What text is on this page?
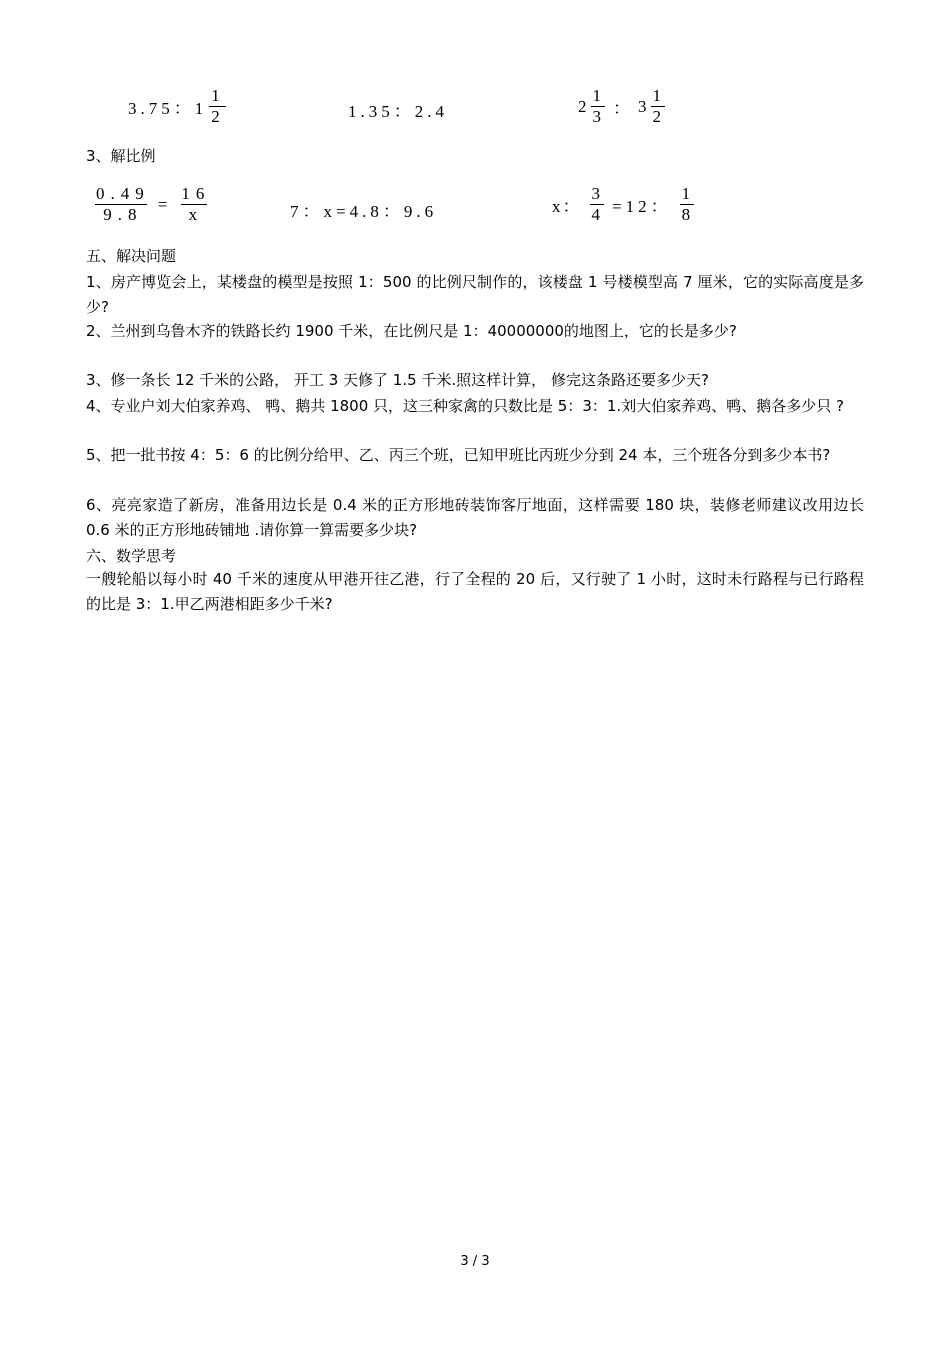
3.75：$1 \frac{1}{2}$	1.35：2.4	$2 \frac{1}{3}$ ： $3 \frac{1}{2}$
3、解比例
$\frac{0.49}{9.8} = \frac{16}{x}$	7：x=4.8：9.6	x： $\frac{3}{4} =12$： $\frac{1}{8}$
五、解决问题
1、房产博览会上，某楼盘的模型是按照 1：500 的比例尺制作的，该楼盘 1 号楼模型高 7 厘米，它的实际高度是多少?
2、兰州到乌鲁木齐的铁路长约 1900 千米，在比例尺是 1：40000000的地图上，它的长是多少?
3、修一条长 12 千米的公路， 开工 3 天修了 1.5 千米.照这样计算， 修完这条路还要多少天?
4、专业户刘大伯家养鸡、 鸭、鹅共 1800 只，这三种家禽的只数比是 5：3：1.刘大伯家养鸡、鸭、鹅各多少只 ?
5、把一批书按 4：5：6 的比例分给甲、乙、丙三个班，已知甲班比丙班少分到 24 本，三个班各分到多少本书?
6、亮亮家造了新房，准备用边长是 0.4 米的正方形地砖装饰客厅地面，这样需要 180 块，装修老师建议改用边长 0.6 米的正方形地砖铺地 .请你算一算需要多少块?
六、数学思考
一艘轮船以每小时 40 千米的速度从甲港开往乙港，行了全程的 20 后，又行驶了 1 小时，这时未行路程与已行路程的比是 3：1.甲乙两港相距多少千米?
3 / 3
